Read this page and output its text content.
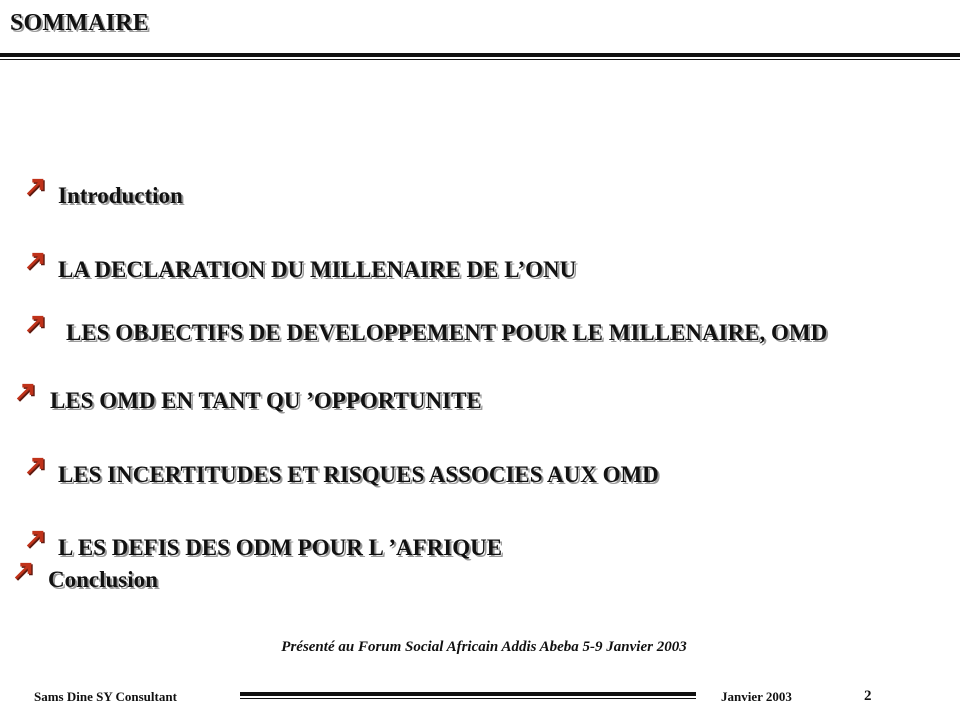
SOMMAIRE
Introduction
LA DECLARATION DU MILLENAIRE DE L’ONU
LES OBJECTIFS DE DEVELOPPEMENT POUR LE MILLENAIRE, OMD
LES OMD EN TANT QU ’OPPORTUNITE
LES INCERTITUDES ET RISQUES ASSOCIES AUX OMD
L ES DEFIS DES ODM POUR L ’AFRIQUE
Conclusion
Présenté au Forum Social Africain Addis Abeba 5-9 Janvier 2003
Sams Dine SY Consultant	Janvier 2003	2
